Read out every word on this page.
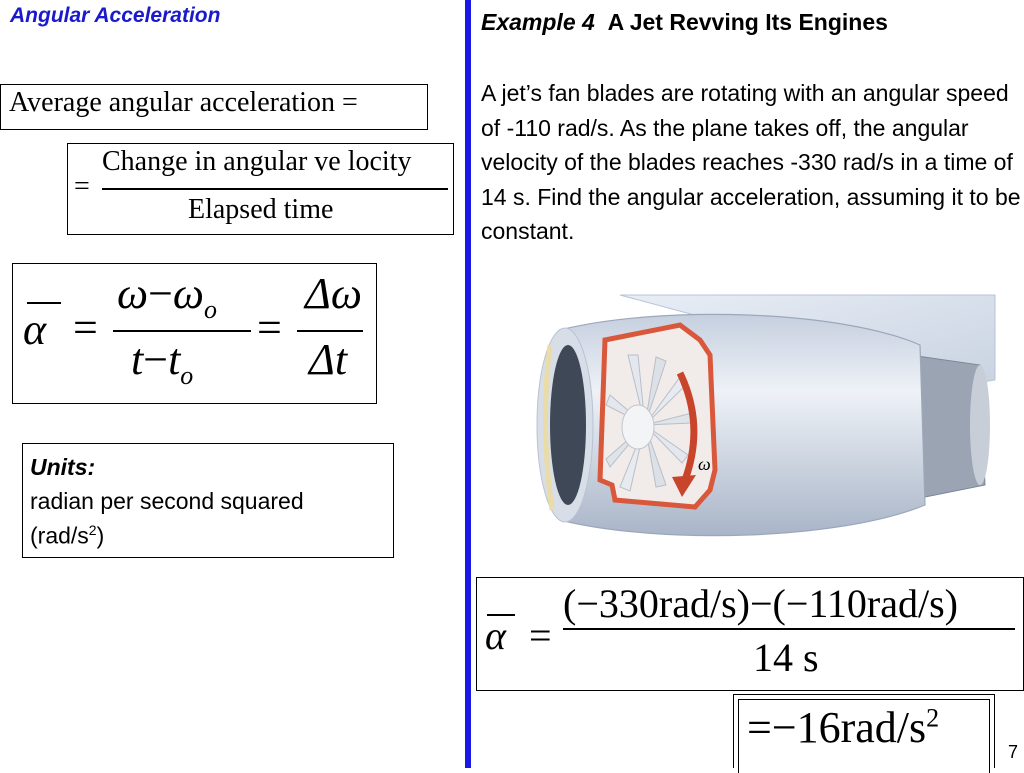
Angular Acceleration
Average angular acceleration =
=
Change in angular ve locity
Elapsed time
α =
$\omega-\omega_o$
$t-t_o$
=
Δω
Δt
Units:
radian per second squared
$(rad/s^2)$
Example 4 A Jet Revving Its Engines
A jet’s fan blades are rotating with an angular speed of -110 rad/s. As the plane takes off, the angular velocity of the blades reaches -330 rad/s in a time of 14 s. Find the angular acceleration, assuming it to be constant.
ω
α =
(−330rad/s)−(−110rad/s)
14 s
$=-16rad/s^2$
7
